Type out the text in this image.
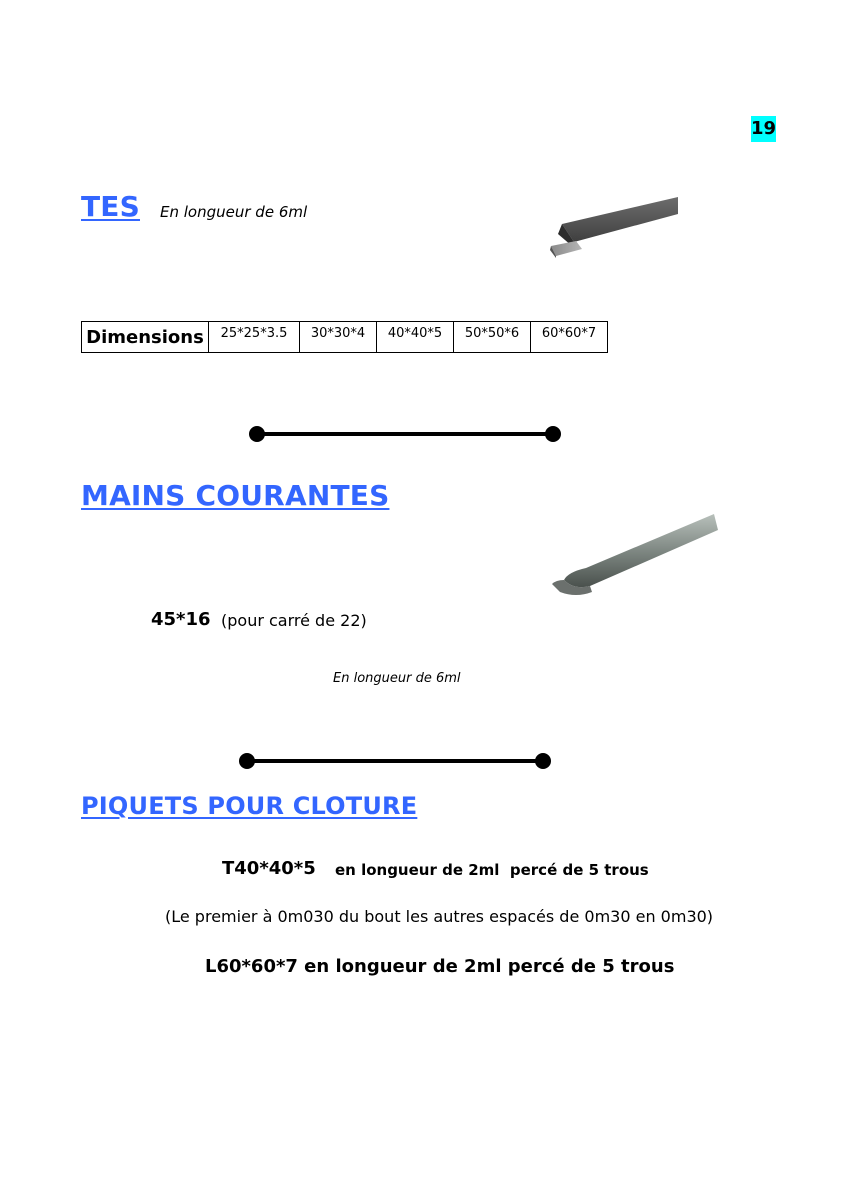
19
TES En longueur de 6ml
Dimensions	25*25*3.5	30*30*4	40*40*5	50*50*6	60*60*7
MAINS COURANTES
45*16 (pour carré de 22)
En longueur de 6ml
PIQUETS POUR CLOTURE
T40*40*5 en longueur de 2ml  percé de 5 trous
(Le premier à 0m030 du bout les autres espacés de 0m30 en 0m30)
L60*60*7 en longueur de 2ml percé de 5 trous
